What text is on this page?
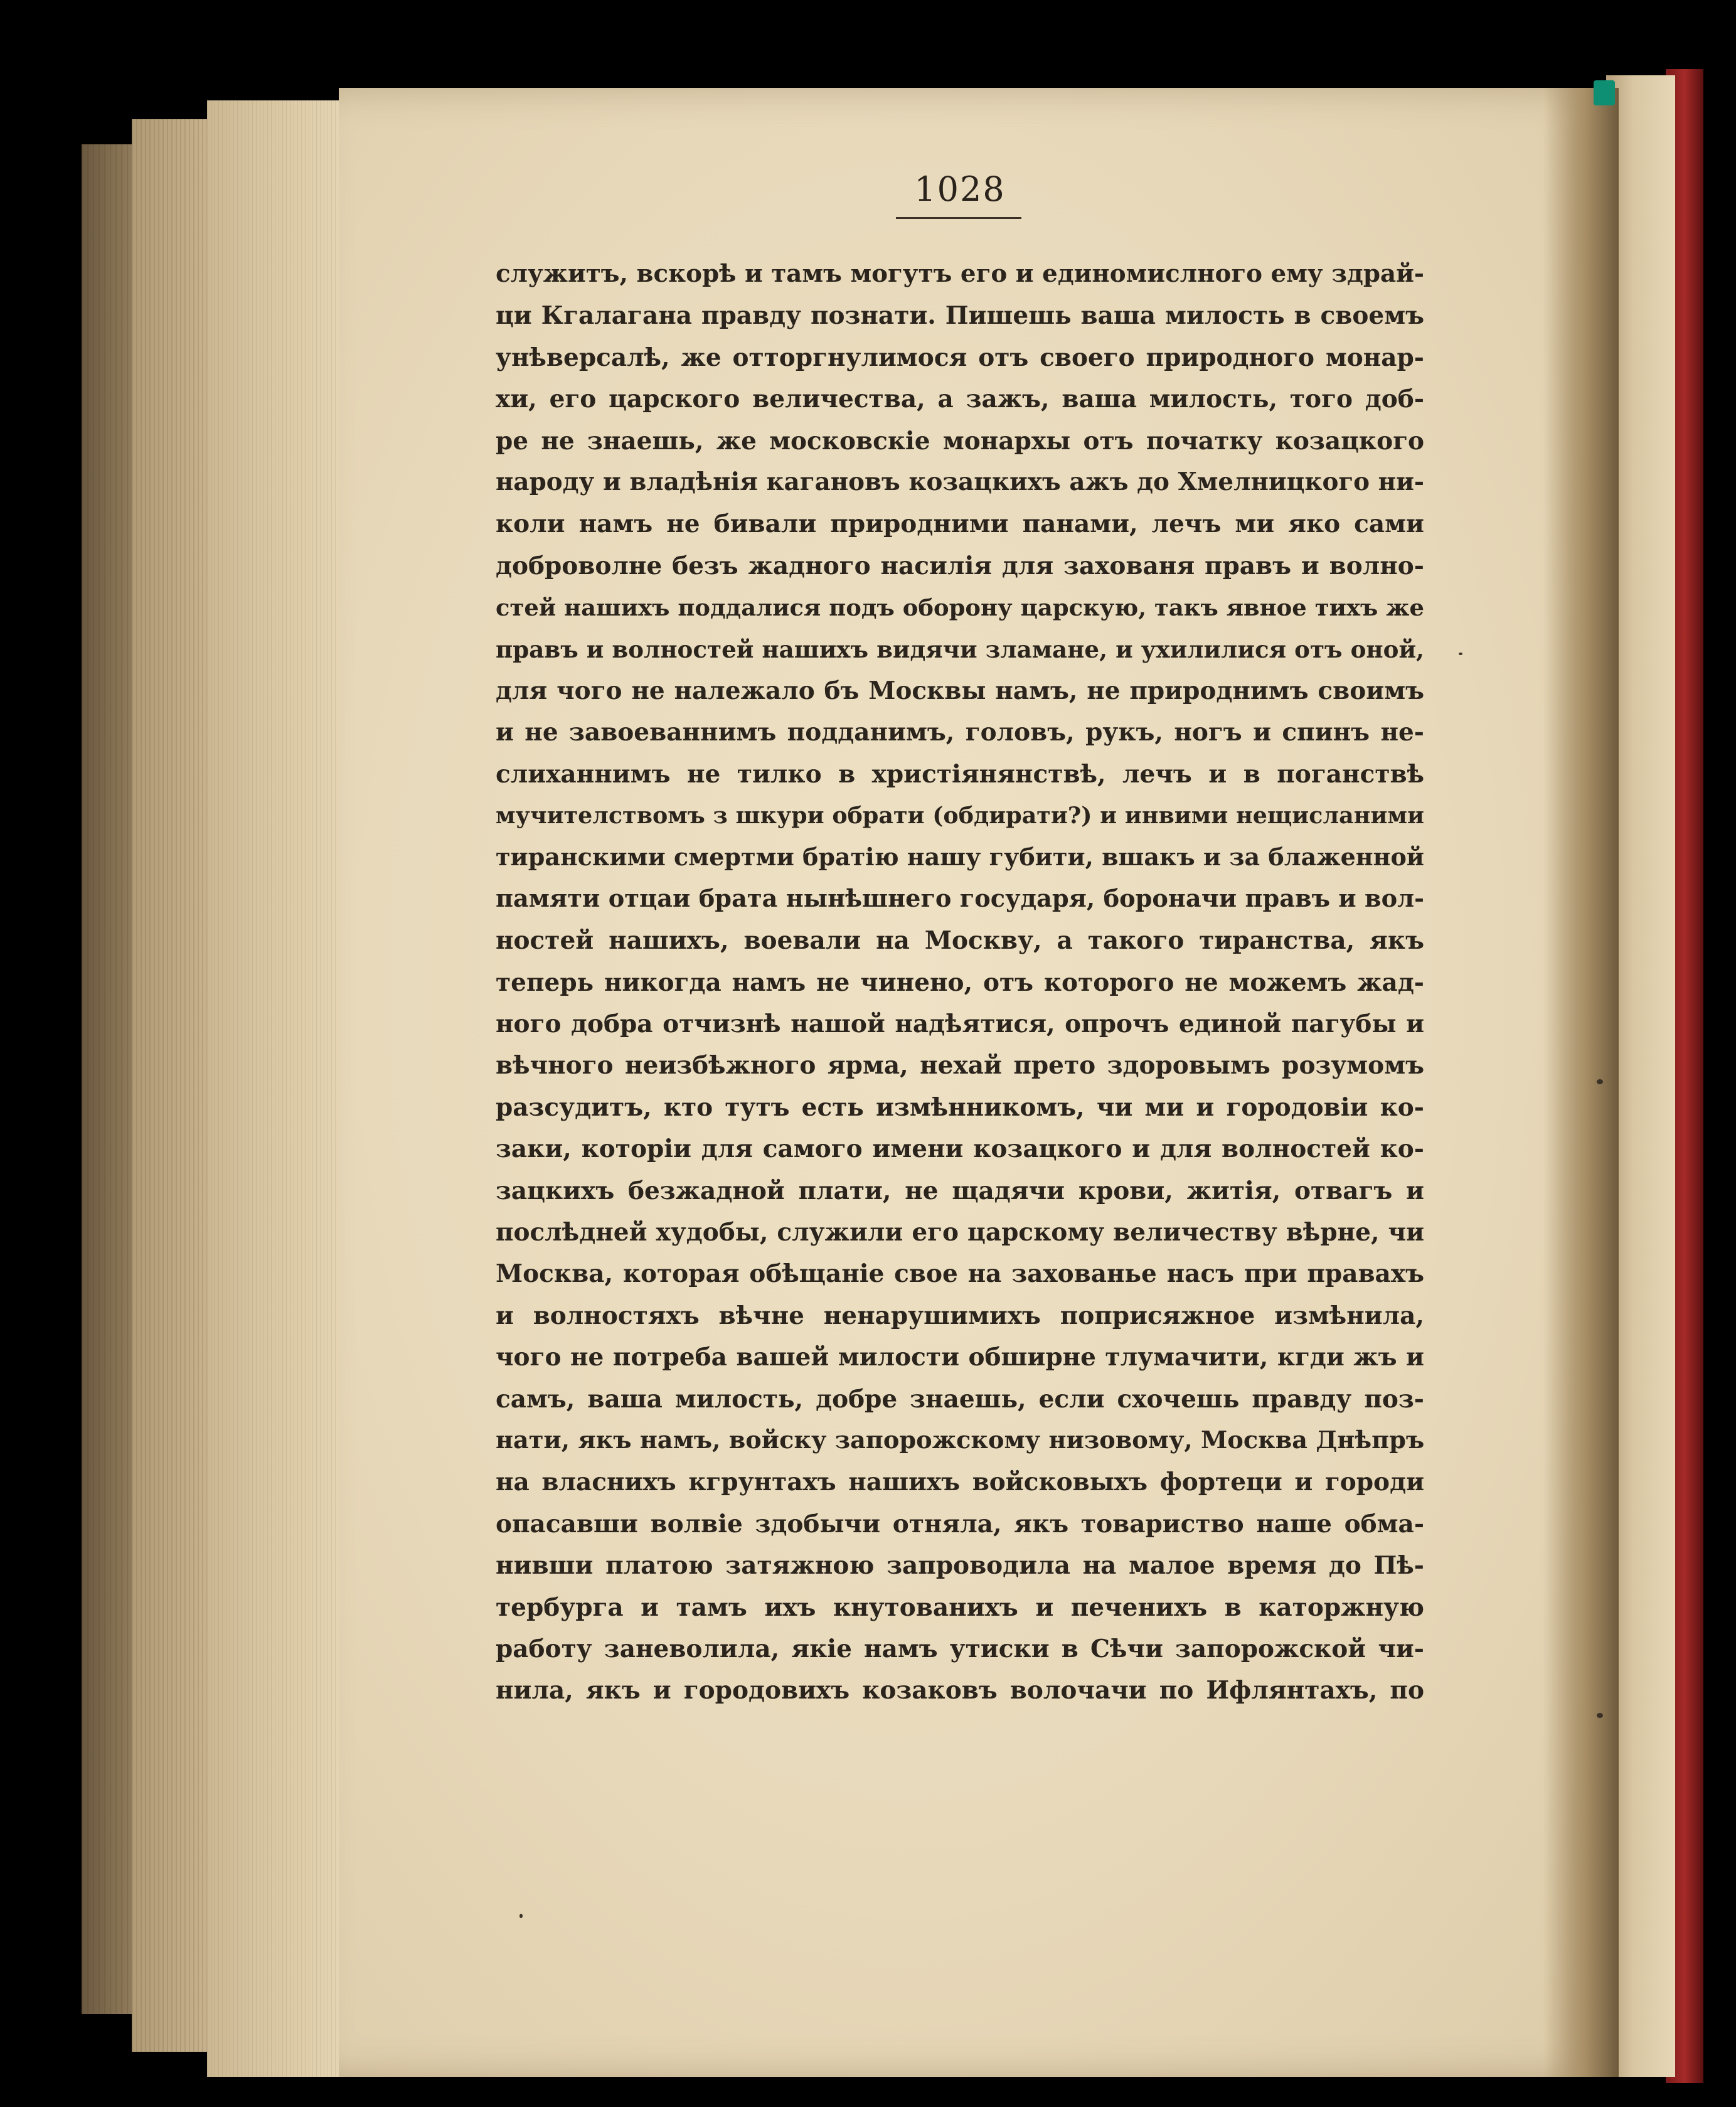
1028
служитъ, вскорѣ и тамъ могутъ его и единомислного ему здрай-
ци Кгалагана правду познати. Пишешь ваша милость в своемъ
унѣверсалѣ, же отторгнулимося отъ своего природного монар-
хи, его царского величества, а зажъ, ваша милость, того доб-
ре не знаешь, же московскіе монархы отъ початку козацкого
народу и владѣнія кагановъ козацкихъ ажъ до Хмелницкого ни-
коли намъ не бивали природними панами, лечъ ми яко сами
доброволне безъ жадного насилія для захованя правъ и волно-
стей нашихъ поддалися подъ оборону царскую, такъ явное тихъ же
правъ и волностей нашихъ видячи зламане, и ухилилися отъ оной,
для чого не належало бъ Москвы намъ, не природнимъ своимъ
и не завоеваннимъ подданимъ, головъ, рукъ, ногъ и спинъ не-
слиханнимъ не тилко в христіянянствѣ, лечъ и в поганствѣ
мучителствомъ з шкури обрати (обдирати?) и инвими нещисланими
тиранскими смертми братію нашу губити, вшакъ и за блаженной
памяти отцаи брата нынѣшнего государя, бороначи правъ и вол-
ностей нашихъ, воевали на Москву, а такого тиранства, якъ
теперь никогда намъ не чинено, отъ которого не можемъ жад-
ного добра отчизнѣ нашой надѣятися, опрочъ единой пагубы и
вѣчного неизбѣжного ярма, нехай прето здоровымъ розумомъ
разсудитъ, кто тутъ есть измѣнникомъ, чи ми и городовіи ко-
заки, которіи для самого имени козацкого и для волностей ко-
зацкихъ безжадной плати, не щадячи крови, житія, отвагъ и
послѣдней худобы, служили его царскому величеству вѣрне, чи
Москва, которая обѣщаніе свое на захованье насъ при правахъ
и волностяхъ вѣчне ненарушимихъ поприсяжное измѣнила,
чого не потреба вашей милости обширне тлумачити, кгди жъ и
самъ, ваша милость, добре знаешь, если схочешь правду поз-
нати, якъ намъ, войску запорожскому низовому, Москва Днѣпръ
на власнихъ кгрунтахъ нашихъ войсковыхъ фортеци и городи
опасавши волвіе здобычи отняла, якъ товариство наше обма-
нивши платою затяжною запроводила на малое время до Пѣ-
тербурга и тамъ ихъ кнутованихъ и печенихъ в каторжную
работу заневолила, якіе намъ утиски в Сѣчи запорожской чи-
нила, якъ и городовихъ козаковъ волочачи по Ифлянтахъ, по
